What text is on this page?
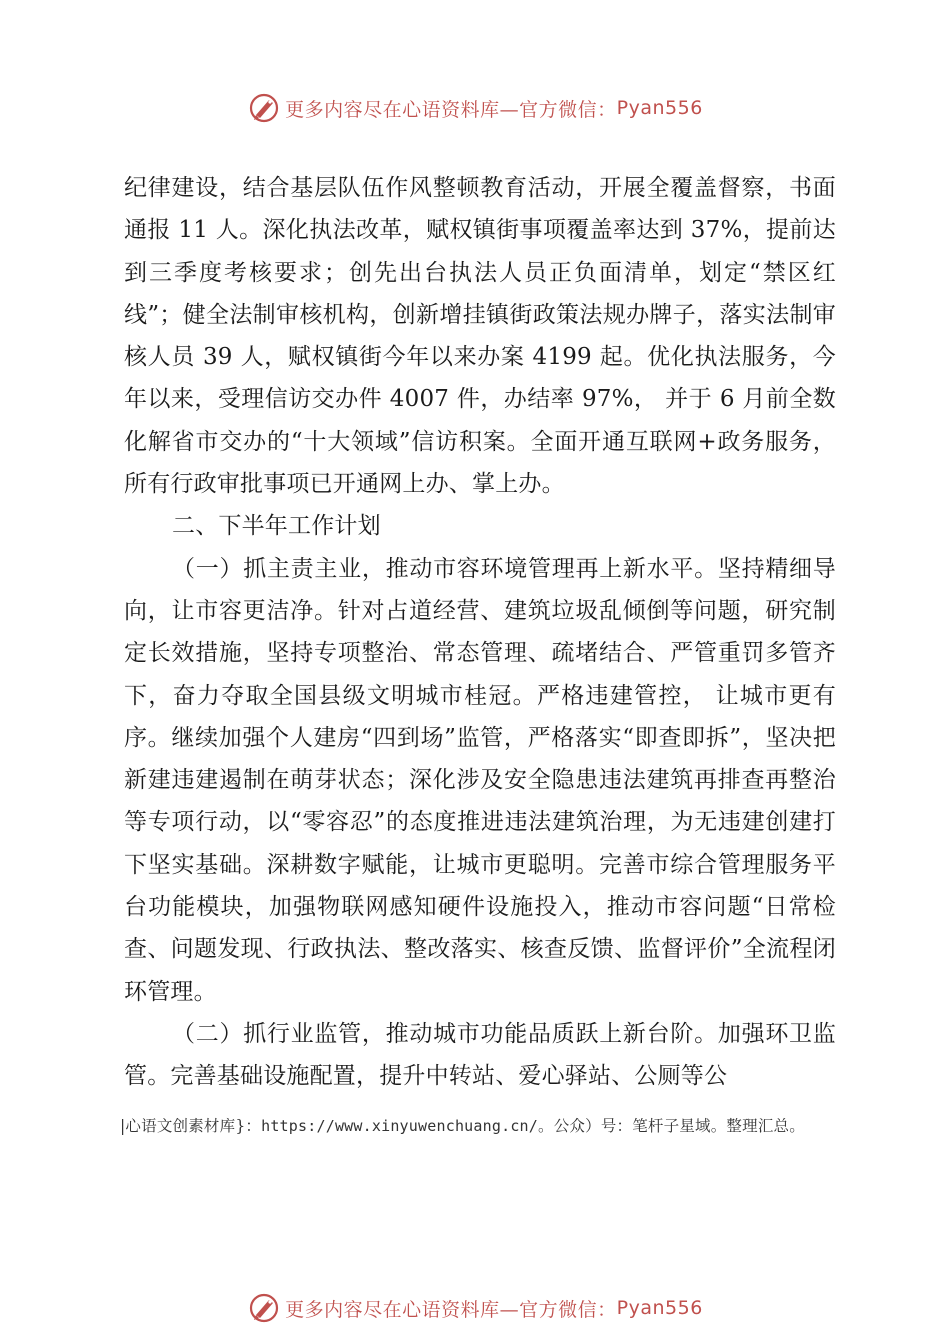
更多内容尽在心语资料库—官方微信： Pyan556

纪律建设，结合基层队伍作风整顿教育活动，开展全覆盖督察，书面通报 11 人。深化执法改革，赋权镇街事项覆盖率达到 37%，提前达到三季度考核要求；创先出台执法人员正负面清单，划定“禁区红线”；健全法制审核机构，创新增挂镇街政策法规办牌子，落实法制审核人员 39 人，赋权镇街今年以来办案 4199 起。优化执法服务，今年以来，受理信访交办件 4007 件，办结率 97%， 并于 6 月前全数化解省市交办的“十大领域”信访积案。全面开通互联网+政务服务，所有行政审批事项已开通网上办、掌上办。

二、下半年工作计划

（一）抓主责主业，推动市容环境管理再上新水平。坚持精细导向，让市容更洁净。针对占道经营、建筑垃圾乱倾倒等问题，研究制定长效措施，坚持专项整治、常态管理、疏堵结合、严管重罚多管齐下，奋力夺取全国县级文明城市桂冠。严格违建管控， 让城市更有序。继续加强个人建房“四到场”监管，严格落实“即查即拆”，坚决把新建违建遏制在萌芽状态；深化涉及安全隐患违法建筑再排查再整治等专项行动，以“零容忍”的态度推进违法建筑治理，为无违建创建打下坚实基础。深耕数字赋能，让城市更聪明。完善市综合管理服务平台功能模块，加强物联网感知硬件设施投入，推动市容问题“日常检查、问题发现、行政执法、整改落实、核查反馈、监督评价”全流程闭环管理。

（二）抓行业监管，推动城市功能品质跃上新台阶。加强环卫监管。完善基础设施配置，提升中转站、爱心驿站、公厕等公

|心语文创素材库}：https://www.xinyuwenchuang.cn/。公众）号：笔杆子星域。整理汇总。
更多内容尽在心语资料库—官方微信： Pyan556
